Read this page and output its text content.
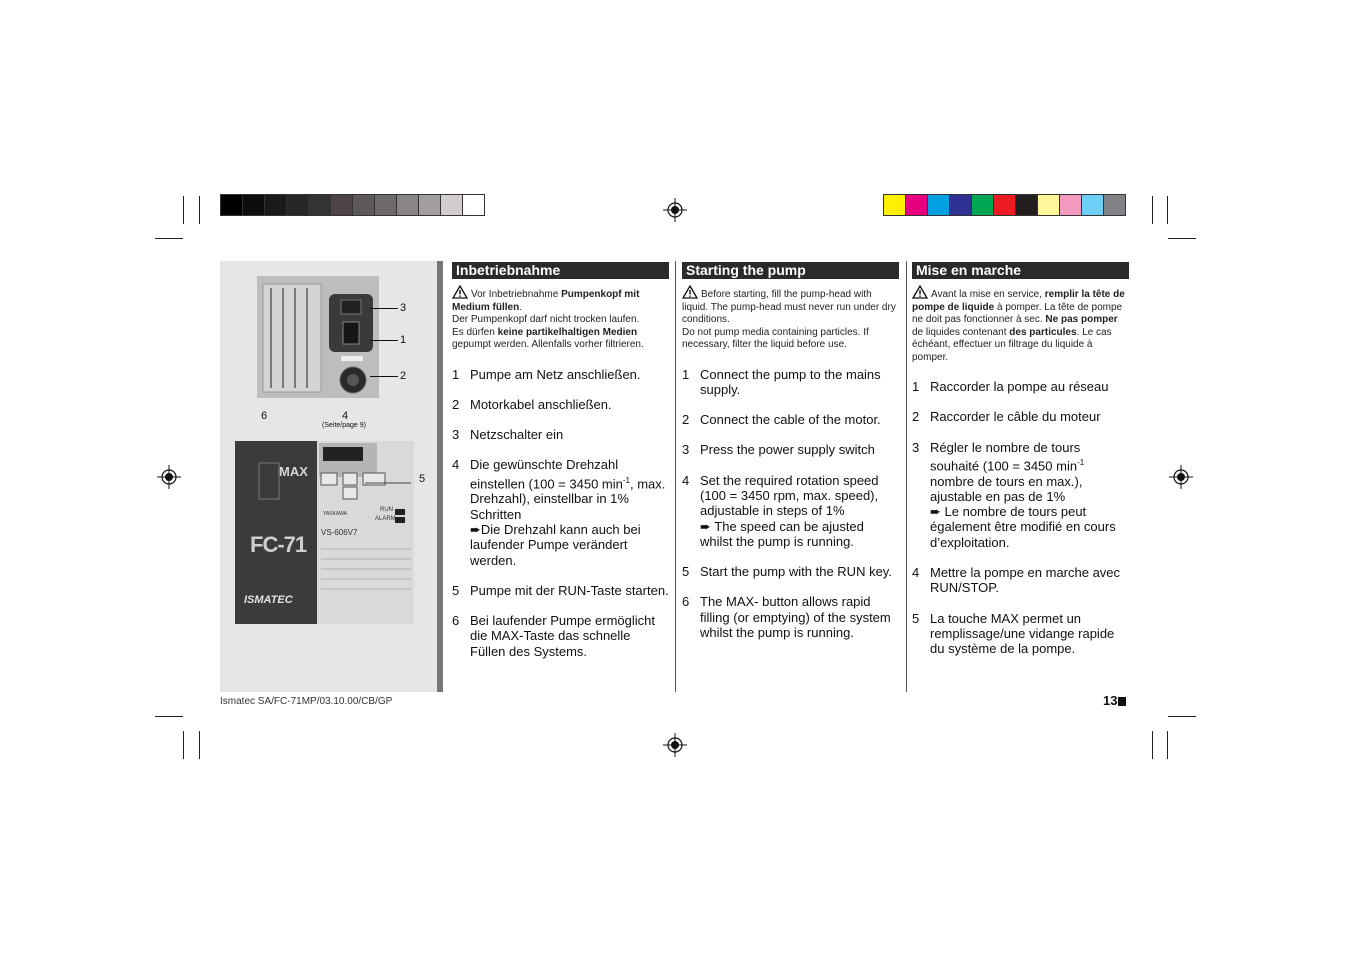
3
1
2
6	4
(Seite/page 9)
5
MAX
FC-71
ISMATEC
RUN
ALARM
YASKAWA
VS-606V7
Inbetriebnahme
Vor Inbetriebnahme Pumpenkopf mit Medium füllen.
Der Pumpenkopf darf nicht trocken laufen.
Es dürfen keine partikelhaltigen Medien gepumpt werden. Allenfalls vorher filtrieren.
1 Pumpe am Netz anschließen.
2 Motorkabel anschließen.
3 Netzschalter ein
4 Die gewünschte Drehzahl einstellen (100 = 3450 $\min^{-1}$, max. Drehzahl), einstellbar in 1% Schritten
➨Die Drehzahl kann auch bei laufender Pumpe verändert werden.
5 Pumpe mit der RUN-Taste starten.
6 Bei laufender Pumpe ermöglicht die MAX-Taste das schnelle Füllen des Systems.
Starting the pump
Before starting, fill the pump-head with liquid. The pump-head must never run under dry conditions.
Do not pump media containing particles. If necessary, filter the liquid before use.
1 Connect the pump to the mains supply.
2 Connect the cable of the motor.
3 Press the power supply switch
4 Set the required rotation speed (100 = 3450 rpm, max. speed), adjustable in steps of 1%
➨ The speed can be ajusted whilst the pump is running.
5 Start the pump with the RUN key.
6 The MAX- button allows rapid filling (or emptying) of the system whilst the pump is running.
Mise en marche
Avant la mise en service, remplir la tête de pompe de liquide à pomper. La tête de pompe ne doit pas fonctionner à sec. Ne pas pomper de liquides contenant des particules. Le cas échéant, effectuer un filtrage du liquide à pomper.
1 Raccorder la pompe au réseau
2 Raccorder le câble du moteur
3 Régler le nombre de tours souhaité (100 = 3450 $\min^{-1}$ nombre de tours en max.), ajustable en pas de 1%
➨ Le nombre de tours peut également être modifié en cours d’exploitation.
4 Mettre la pompe en marche avec RUN/STOP.
5 La touche MAX permet un remplissage/une vidange rapide du système de la pompe.
Ismatec SA/FC-71MP/03.10.00/CB/GP	13
